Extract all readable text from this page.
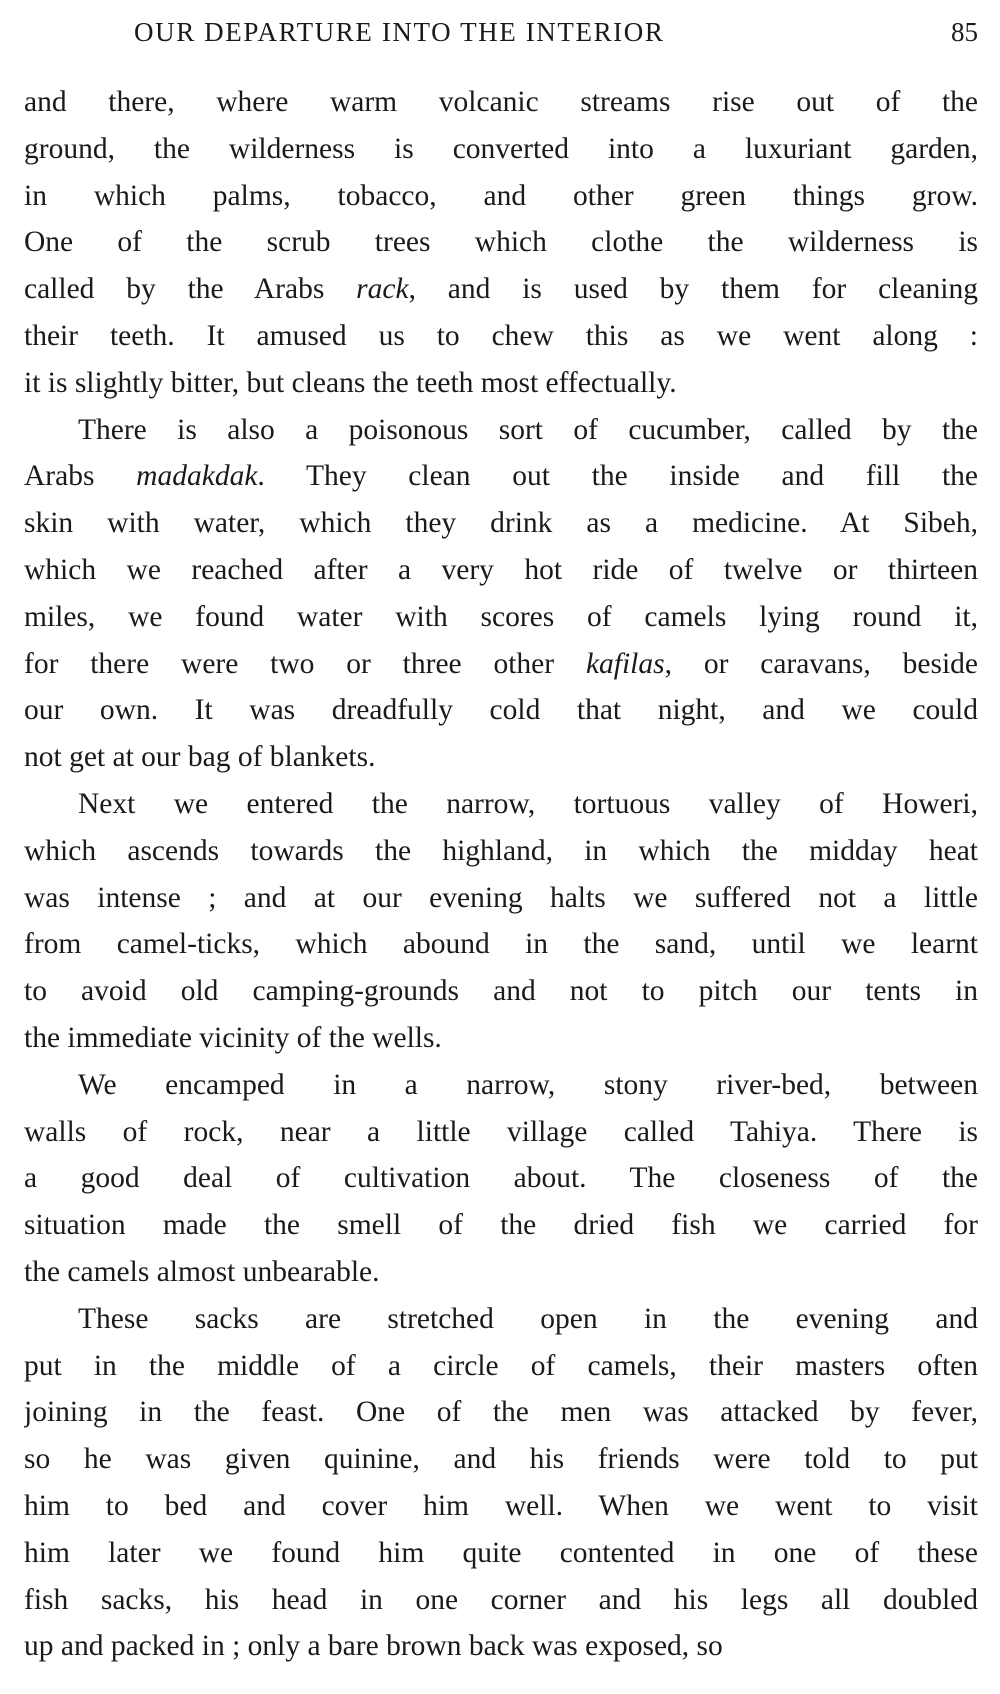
OUR DEPARTURE INTO THE INTERIOR	85
and there, where warm volcanic streams rise out of the
ground, the wilderness is converted into a luxuriant garden,
in which palms, tobacco, and other green things grow.
One of the scrub trees which clothe the wilderness is
called by the Arabs rack, and is used by them for cleaning
their teeth. It amused us to chew this as we went along :
it is slightly bitter, but cleans the teeth most effectually.
There is also a poisonous sort of cucumber, called by the
Arabs madakdak. They clean out the inside and fill the
skin with water, which they drink as a medicine. At Sibeh,
which we reached after a very hot ride of twelve or thirteen
miles, we found water with scores of camels lying round it,
for there were two or three other kafilas, or caravans, beside
our own. It was dreadfully cold that night, and we could
not get at our bag of blankets.
Next we entered the narrow, tortuous valley of Howeri,
which ascends towards the highland, in which the midday heat
was intense ; and at our evening halts we suffered not a little
from camel-ticks, which abound in the sand, until we learnt
to avoid old camping-grounds and not to pitch our tents in
the immediate vicinity of the wells.
We encamped in a narrow, stony river-bed, between
walls of rock, near a little village called Tahiya. There is
a good deal of cultivation about. The closeness of the
situation made the smell of the dried fish we carried for
the camels almost unbearable.
These sacks are stretched open in the evening and
put in the middle of a circle of camels, their masters often
joining in the feast. One of the men was attacked by fever,
so he was given quinine, and his friends were told to put
him to bed and cover him well. When we went to visit
him later we found him quite contented in one of these
fish sacks, his head in one corner and his legs all doubled
up and packed in ; only a bare brown back was exposed, so
